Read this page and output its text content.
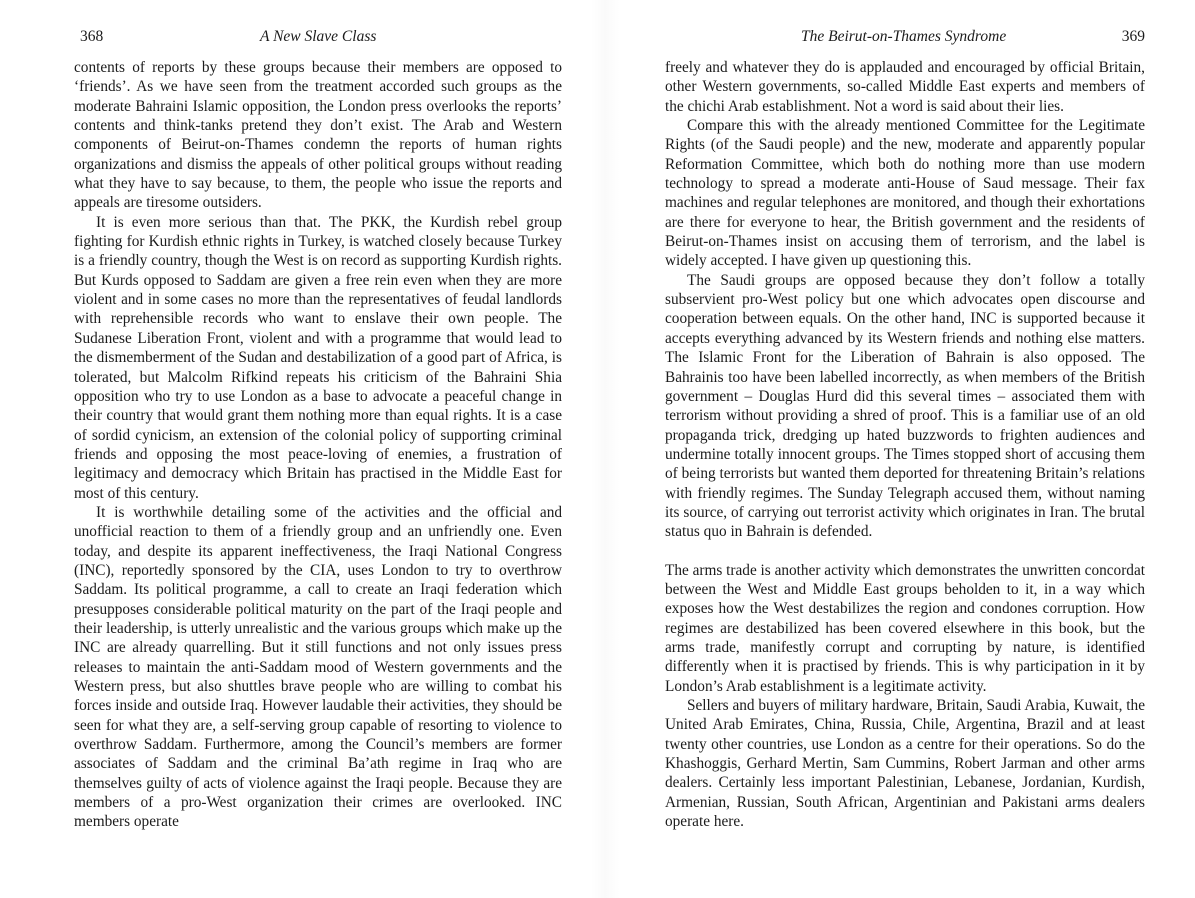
368	A New Slave Class

contents of reports by these groups because their members are opposed to ‘friends’. As we have seen from the treatment accorded such groups as the moderate Bahraini Islamic opposition, the London press overlooks the reports’ contents and think-tanks pretend they don’t exist. The Arab and Western components of Beirut-on-Thames condemn the reports of human rights organizations and dismiss the appeals of other political groups without reading what they have to say because, to them, the people who issue the reports and appeals are tiresome outsiders.

It is even more serious than that. The PKK, the Kurdish rebel group fighting for Kurdish ethnic rights in Turkey, is watched closely because Turkey is a friendly country, though the West is on record as supporting Kurdish rights. But Kurds opposed to Saddam are given a free rein even when they are more violent and in some cases no more than the representatives of feudal landlords with reprehensible records who want to enslave their own people. The Sudanese Liberation Front, violent and with a programme that would lead to the dismemberment of the Sudan and destabilization of a good part of Africa, is tolerated, but Malcolm Rifkind repeats his criticism of the Bahraini Shia opposition who try to use London as a base to advocate a peaceful change in their country that would grant them nothing more than equal rights. It is a case of sordid cynicism, an extension of the colonial policy of supporting criminal friends and opposing the most peace-loving of enemies, a frustration of legitimacy and democracy which Britain has practised in the Middle East for most of this century.

It is worthwhile detailing some of the activities and the official and unofficial reaction to them of a friendly group and an unfriendly one. Even today, and despite its apparent ineffectiveness, the Iraqi National Congress (INC), reportedly sponsored by the CIA, uses London to try to overthrow Saddam. Its political programme, a call to create an Iraqi federation which presupposes considerable political maturity on the part of the Iraqi people and their leadership, is utterly unrealistic and the various groups which make up the INC are already quarrelling. But it still functions and not only issues press releases to maintain the anti-Saddam mood of Western governments and the Western press, but also shuttles brave people who are willing to combat his forces inside and outside Iraq. However laudable their activities, they should be seen for what they are, a self-serving group capable of resorting to violence to overthrow Saddam. Furthermore, among the Council’s members are former associates of Saddam and the criminal Ba’ath regime in Iraq who are themselves guilty of acts of violence against the Iraqi people. Because they are members of a pro-West organization their crimes are overlooked. INC members operate

The Beirut-on-Thames Syndrome	369

freely and whatever they do is applauded and encouraged by official Britain, other Western governments, so-called Middle East experts and members of the chichi Arab establishment. Not a word is said about their lies.

Compare this with the already mentioned Committee for the Legitimate Rights (of the Saudi people) and the new, moderate and apparently popular Reformation Committee, which both do nothing more than use modern technology to spread a moderate anti-House of Saud message. Their fax machines and regular telephones are monitored, and though their exhortations are there for everyone to hear, the British government and the residents of Beirut-on-Thames insist on accusing them of terrorism, and the label is widely accepted. I have given up questioning this.

The Saudi groups are opposed because they don’t follow a totally subservient pro-West policy but one which advocates open discourse and cooperation between equals. On the other hand, INC is supported because it accepts everything advanced by its Western friends and nothing else matters. The Islamic Front for the Liberation of Bahrain is also opposed. The Bahrainis too have been labelled incorrectly, as when members of the British government – Douglas Hurd did this several times – associated them with terrorism without providing a shred of proof. This is a familiar use of an old propaganda trick, dredging up hated buzzwords to frighten audiences and undermine totally innocent groups. The Times stopped short of accusing them of being terrorists but wanted them deported for threatening Britain’s relations with friendly regimes. The Sunday Telegraph accused them, without naming its source, of carrying out terrorist activity which originates in Iran. The brutal status quo in Bahrain is defended.

The arms trade is another activity which demonstrates the unwritten concordat between the West and Middle East groups beholden to it, in a way which exposes how the West destabilizes the region and condones corruption. How regimes are destabilized has been covered elsewhere in this book, but the arms trade, manifestly corrupt and corrupting by nature, is identified differently when it is practised by friends. This is why participation in it by London’s Arab establishment is a legitimate activity.

Sellers and buyers of military hardware, Britain, Saudi Arabia, Kuwait, the United Arab Emirates, China, Russia, Chile, Argentina, Brazil and at least twenty other countries, use London as a centre for their operations. So do the Khashoggis, Gerhard Mertin, Sam Cummins, Robert Jarman and other arms dealers. Certainly less important Palestinian, Lebanese, Jordanian, Kurdish, Armenian, Russian, South African, Argentinian and Pakistani arms dealers operate here.
